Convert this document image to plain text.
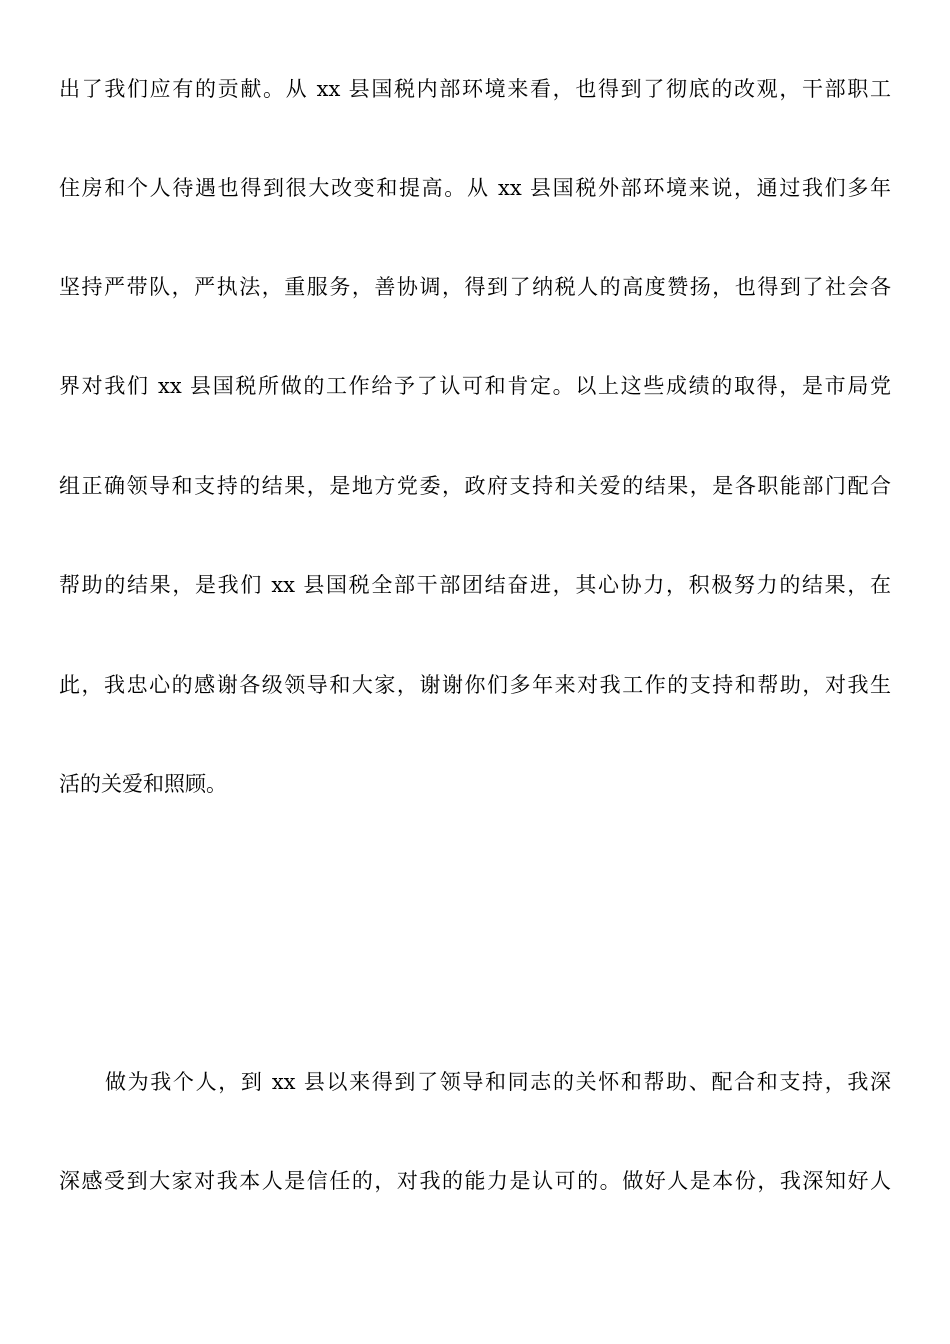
出了我们应有的贡献。从 xx 县国税内部环境来看，也得到了彻底的改观，干部职工
住房和个人待遇也得到很大改变和提高。从 xx 县国税外部环境来说，通过我们多年
坚持严带队，严执法，重服务，善协调，得到了纳税人的高度赞扬，也得到了社会各
界对我们 xx 县国税所做的工作给予了认可和肯定。以上这些成绩的取得，是市局党
组正确领导和支持的结果，是地方党委，政府支持和关爱的结果，是各职能部门配合
帮助的结果，是我们 xx 县国税全部干部团结奋进，其心协力，积极努力的结果，在
此，我忠心的感谢各级领导和大家，谢谢你们多年来对我工作的支持和帮助，对我生
活的关爱和照顾。
做为我个人，到 xx 县以来得到了领导和同志的关怀和帮助、配合和支持，我深
深感受到大家对我本人是信任的，对我的能力是认可的。做好人是本份，我深知好人
